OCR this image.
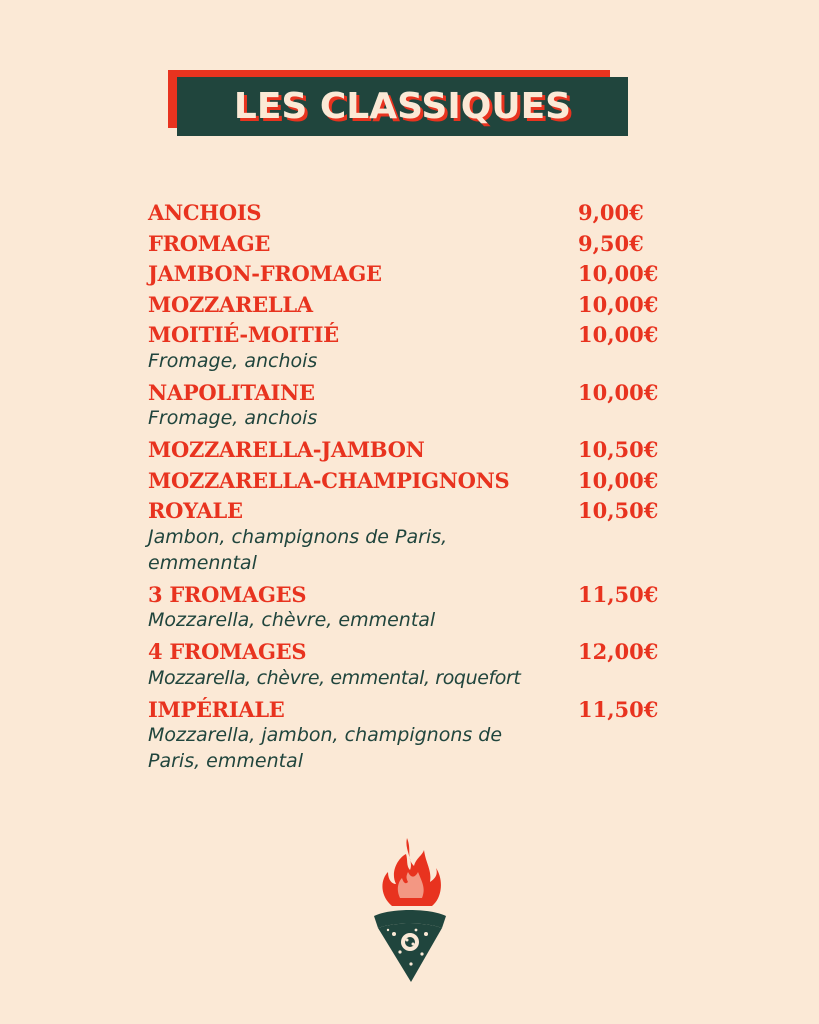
LES CLASSIQUES
ANCHOIS	9,00€
FROMAGE	9,50€
JAMBON-FROMAGE	10,00€
MOZZARELLA	10,00€
MOITIÉ-MOITIÉ	10,00€
Fromage, anchois
NAPOLITAINE	10,00€
Fromage, anchois
MOZZARELLA-JAMBON	10,50€
MOZZARELLA-CHAMPIGNONS	10,00€
ROYALE	10,50€
Jambon, champignons de Paris, emmenntal
3 FROMAGES	11,50€
Mozzarella, chèvre, emmental
4 FROMAGES	12,00€
Mozzarella, chèvre, emmental, roquefort
IMPÉRIALE	11,50€
Mozzarella, jambon, champignons de Paris, emmental
